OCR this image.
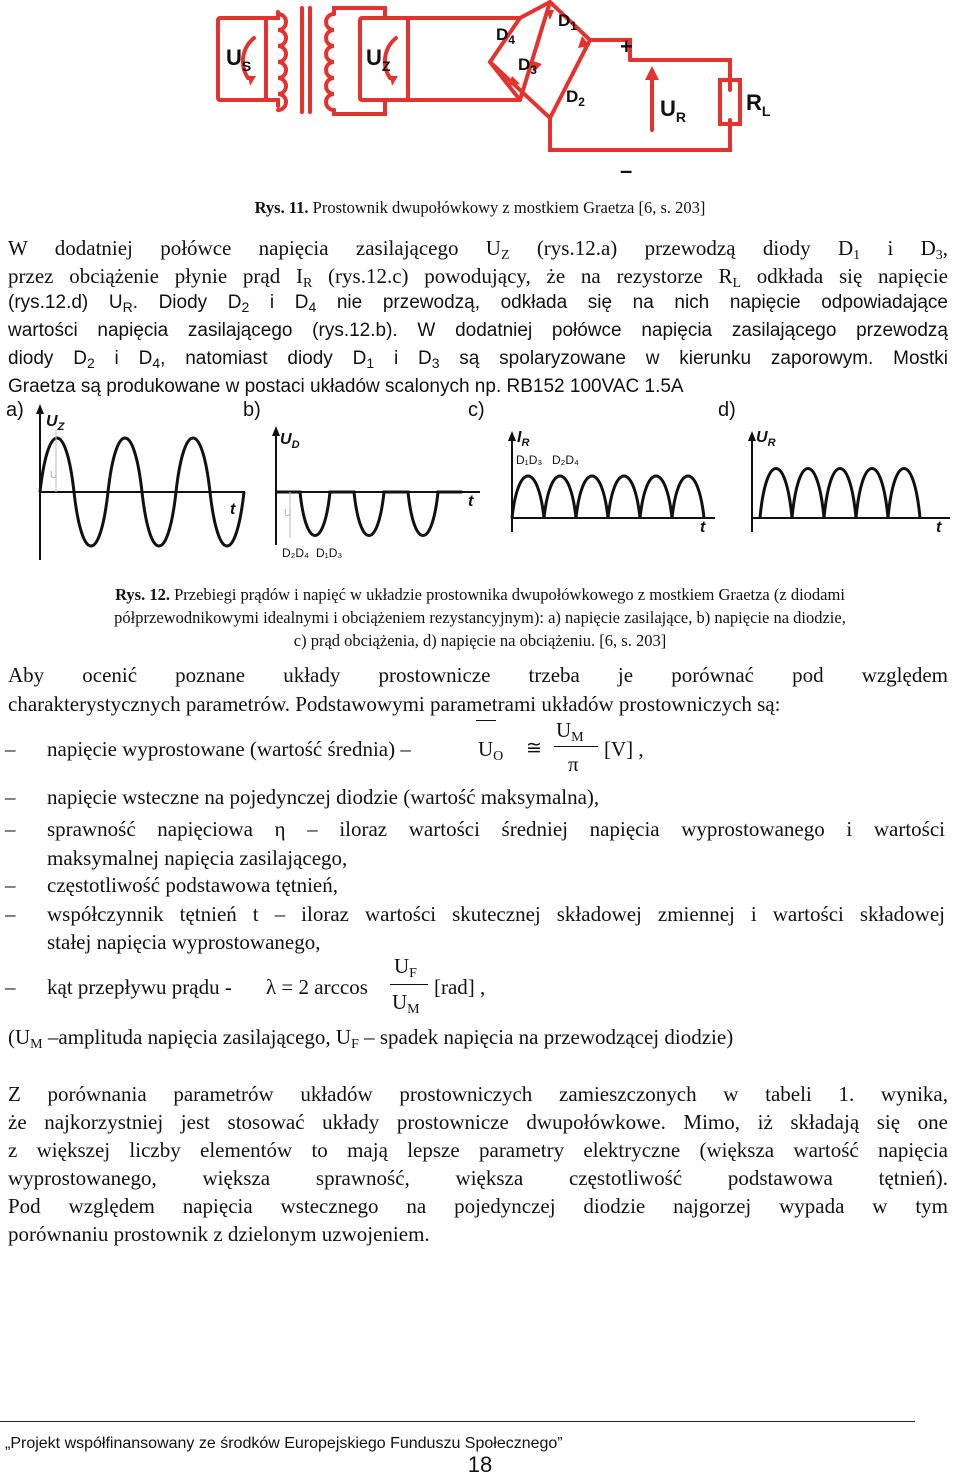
$U_S$	$U_Z$
$D_1$
$D_2$
$D_3$
$D_4$
$U_R$
$R_L$
+
–
Rys. 11. Prostownik dwupołówkowy z mostkiem Graetza [6, s. 203]
W dodatniej połówce napięcia zasilającego UZ (rys.12.a) przewodzą diody D1 i D3,
przez obciążenie płynie prąd IR (rys.12.c) powodujący, że na rezystorze RL odkłada się napięcie
(rys.12.d) $U_R$. Diody $D_2$ i $D_4$ nie przewodzą, odkłada się na nich napięcie odpowiadające
wartości napięcia zasilającego (rys.12.b). W dodatniej połówce napięcia zasilającego przewodzą
diody $D_2$ i $D_4$, natomiast diody $D_1$ i $D_3$ są spolaryzowane w kierunku zaporowym. Mostki
Graetza są produkowane w postaci układów scalonych np. RB152 100VAC 1.5A
a)	b)	c)	d)
$U_Z$
t
U
$U_D$
t
U
D₂D₄ D₁D₃
$I_R$
t
D₁D₃ D₂D₄
$U_R$
t
Rys. 12. Przebiegi prądów i napięć w układzie prostownika dwupołówkowego z mostkiem Graetza (z diodami
półprzewodnikowymi idealnymi i obciążeniem rezystancyjnym): a) napięcie zasilające, b) napięcie na diodzie,
c) prąd obciążenia, d) napięcie na obciążeniu. [6, s. 203]
Aby ocenić poznane układy prostownicze trzeba je porównać pod względem
charakterystycznych parametrów. Podstawowymi parametrami układów prostowniczych są:
– napięcie wyprostowane (wartość średnia) –	UO ≅
UM
π
[V] ,
– napięcie wsteczne na pojedynczej diodzie (wartość maksymalna),
– sprawność napięciowa η – iloraz wartości średniej napięcia wyprostowanego i wartości
maksymalnej napięcia zasilającego,
– częstotliwość podstawowa tętnień,
– współczynnik tętnień t – iloraz wartości skutecznej składowej zmiennej i wartości składowej
stałej napięcia wyprostowanego,
– kąt przepływu prądu - λ = 2 arccos
UF
UM
[rad] ,
(UM –amplituda napięcia zasilającego, UF – spadek napięcia na przewodzącej diodzie)
Z porównania parametrów układów prostowniczych zamieszczonych w tabeli 1. wynika,
że najkorzystniej jest stosować układy prostownicze dwupołówkowe. Mimo, iż składają się one
z większej liczby elementów to mają lepsze parametry elektryczne (większa wartość napięcia
wyprostowanego, większa sprawność, większa częstotliwość podstawowa tętnień).
Pod względem napięcia wstecznego na pojedynczej diodzie najgorzej wypada w tym
porównaniu prostownik z dzielonym uzwojeniem.
„Projekt współfinansowany ze środków Europejskiego Funduszu Społecznego”
18
